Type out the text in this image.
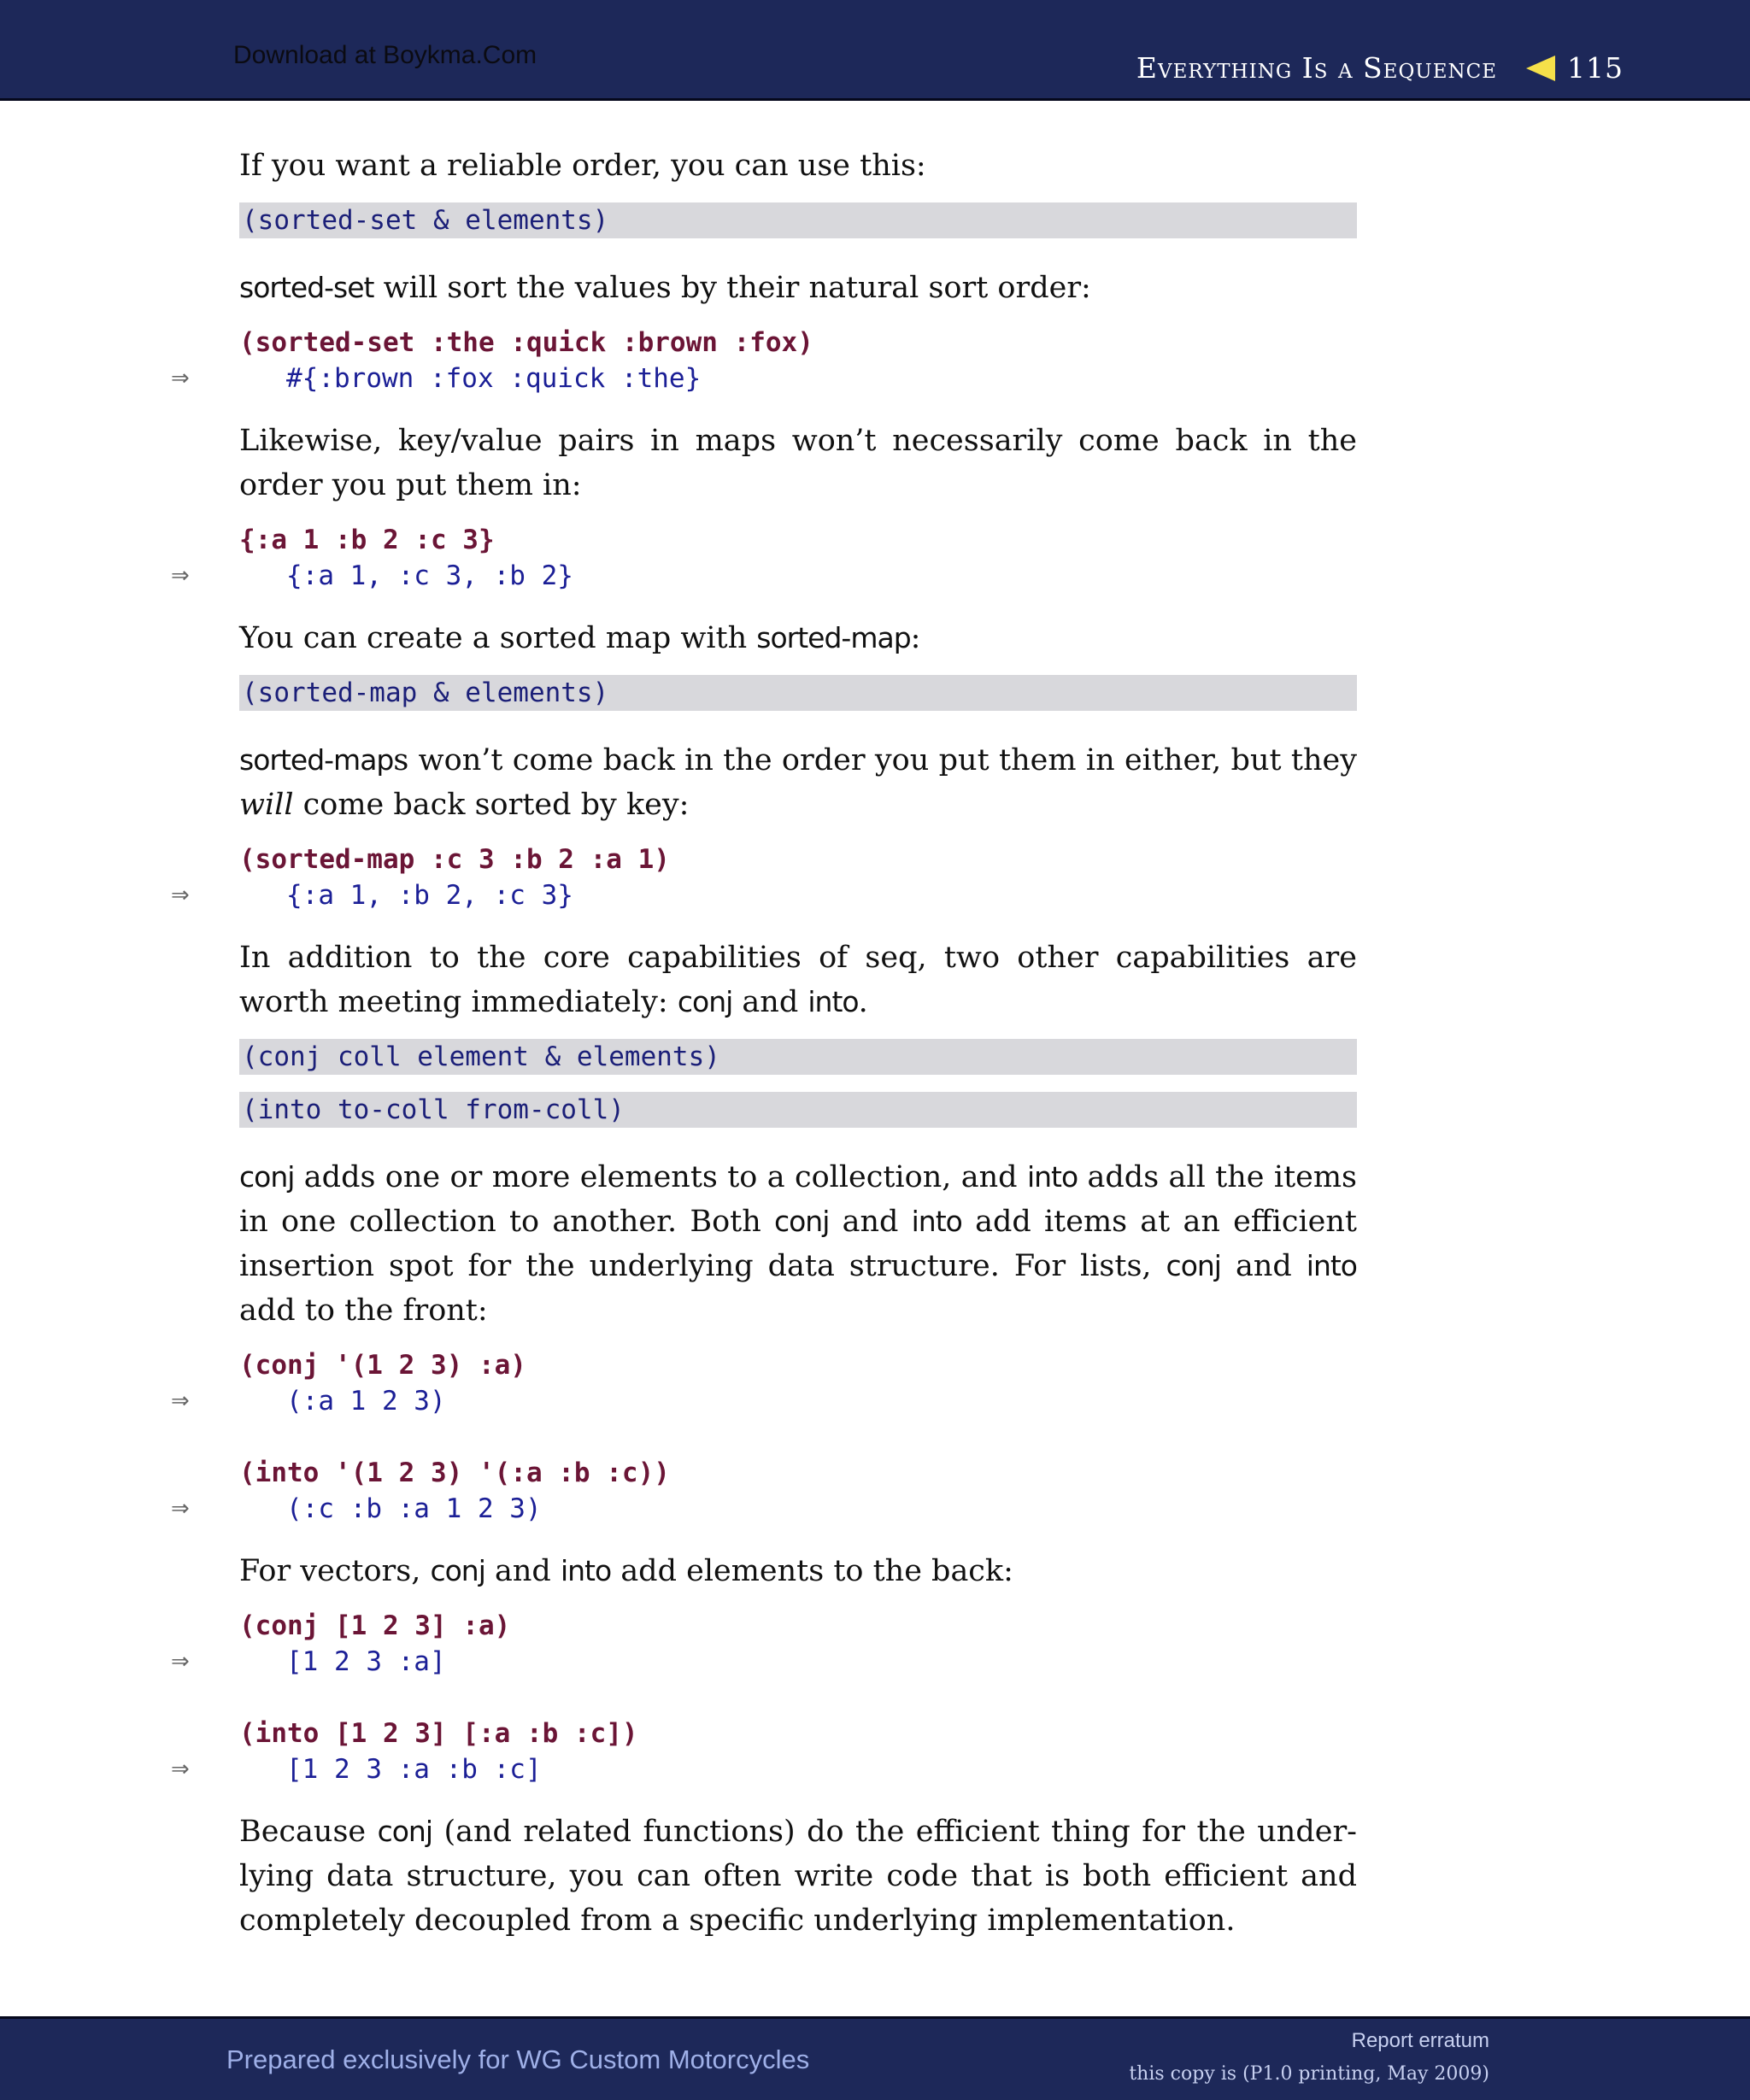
Download at Boykma.Com	Everything Is a Sequence 115

If you want a reliable order, you can use this:

(sorted-set & elements)

sorted-set will sort the values by their natural sort order:

(sorted-set :the :quick :brown :fox)
⇒	#{:brown :fox :quick :the}

Likewise, key/value pairs in maps won’t necessarily come back in the order you put them in:

{:a 1 :b 2 :c 3}
⇒	{:a 1, :c 3, :b 2}

You can create a sorted map with sorted-map:

(sorted-map & elements)

sorted-maps won’t come back in the order you put them in either, but they will come back sorted by key:

(sorted-map :c 3 :b 2 :a 1)
⇒	{:a 1, :b 2, :c 3}

In addition to the core capabilities of seq, two other capabilities are worth meeting immediately: conj and into.

(conj coll element & elements)
(into to-coll from-coll)

conj adds one or more elements to a collection, and into adds all the items in one collection to another. Both conj and into add items at an efficient insertion spot for the underlying data structure. For lists, conj and into add to the front:

(conj '(1 2 3) :a)
⇒	(:a 1 2 3)
(into '(1 2 3) '(:a :b :c))
⇒	(:c :b :a 1 2 3)

For vectors, conj and into add elements to the back:

(conj [1 2 3] :a)
⇒	[1 2 3 :a]
(into [1 2 3] [:a :b :c])
⇒	[1 2 3 :a :b :c]

Because conj (and related functions) do the efficient thing for the underlying data structure, you can often write code that is both efficient and completely decoupled from a specific underlying implementation.

Prepared exclusively for WG Custom Motorcycles
Report erratum
this copy is (P1.0 printing, May 2009)
